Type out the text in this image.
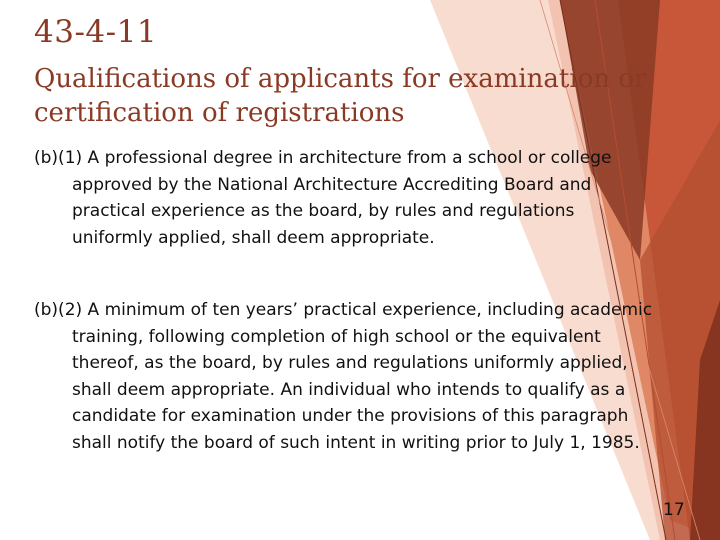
43-4-11
Qualifications of applicants for examination or certification of registrations
(b)(1) A professional degree in architecture from a school or college approved by the National Architecture Accrediting Board and practical experience as the board, by rules and regulations uniformly applied, shall deem appropriate.
(b)(2) A minimum of ten years’ practical experience, including academic training, following completion of high school or the equivalent thereof, as the board, by rules and regulations uniformly applied, shall deem appropriate. An individual who intends to qualify as a candidate for examination under the provisions of this paragraph shall notify the board of such intent in writing prior to July 1, 1985.
17
